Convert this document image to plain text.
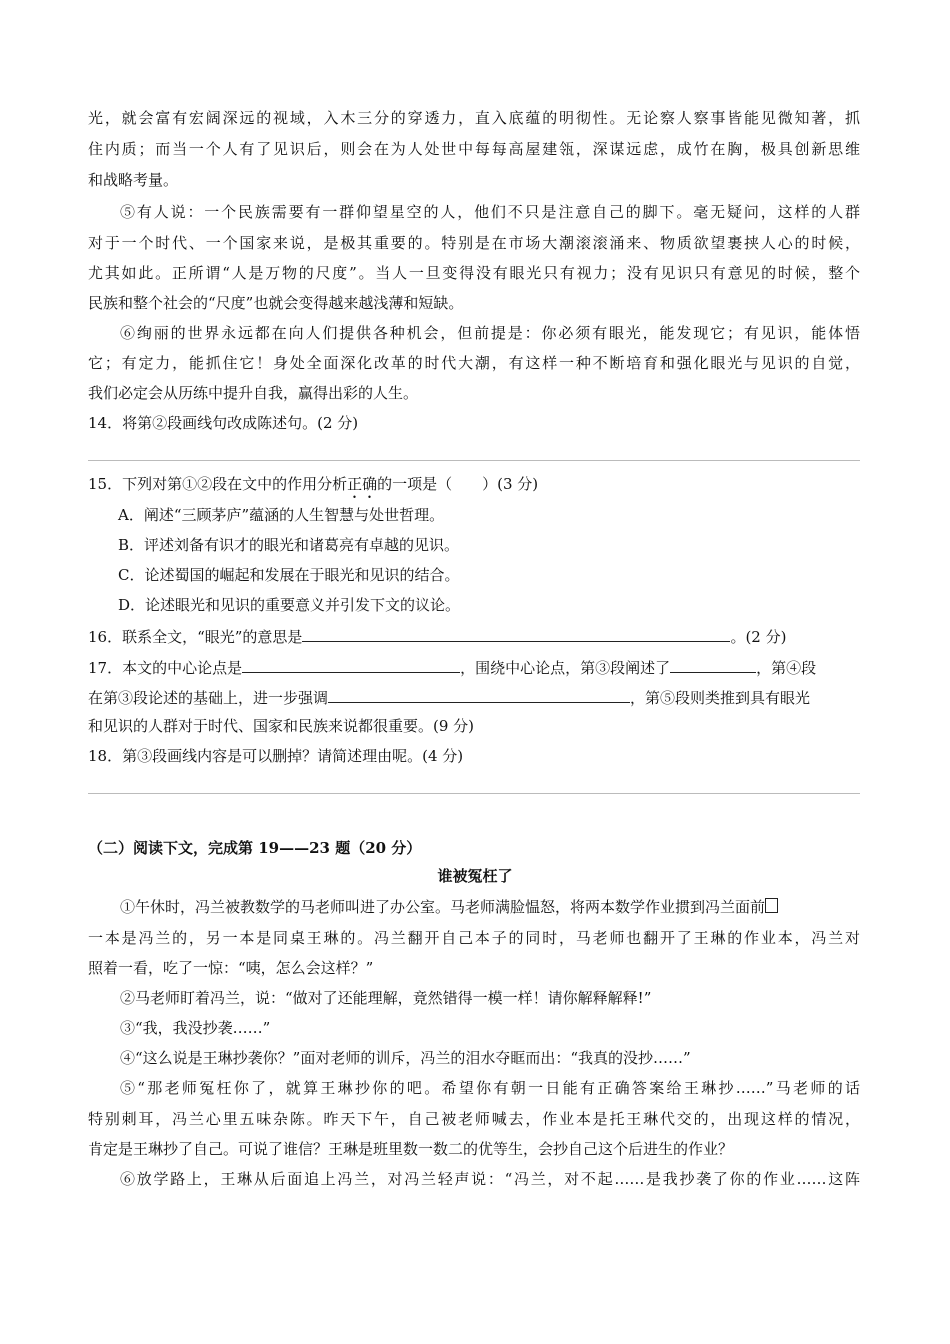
光，就会富有宏阔深远的视域，入木三分的穿透力，直入底蕴的明彻性。无论察人察事皆能见微知著，抓
住内质；而当一个人有了见识后，则会在为人处世中每每高屋建瓴，深谋远虑，成竹在胸，极具创新思维
和战略考量。
⑤有人说：一个民族需要有一群仰望星空的人，他们不只是注意自己的脚下。毫无疑问，这样的人群
对于一个时代、一个国家来说，是极其重要的。特别是在市场大潮滚滚涌来、物质欲望裹挟人心的时候，
尤其如此。正所谓“人是万物的尺度”。当人一旦变得没有眼光只有视力；没有见识只有意见的时候，整个
民族和整个社会的“尺度”也就会变得越来越浅薄和短缺。
⑥绚丽的世界永远都在向人们提供各种机会，但前提是：你必须有眼光，能发现它；有见识，能体悟
它；有定力，能抓住它！身处全面深化改革的时代大潮，有这样一种不断培育和强化眼光与见识的自觉，
我们必定会从历练中提升自我，赢得出彩的人生。
14．将第②段画线句改成陈述句。(2 分)
15．下列对第①②段在文中的作用分析正确的一项是（　　）(3 分)
A．阐述“三顾茅庐”蕴涵的人生智慧与处世哲理。
B．评述刘备有识才的眼光和诸葛亮有卓越的见识。
C．论述蜀国的崛起和发展在于眼光和见识的结合。
D．论述眼光和见识的重要意义并引发下文的议论。
16．联系全文，“眼光”的意思是	。(2 分)
17．本文的中心论点是	，围绕中心论点，第③段阐述了	，第④段
在第③段论述的基础上，进一步强调	，第⑤段则类推到具有眼光
和见识的人群对于时代、国家和民族来说都很重要。(9 分)
18．第③段画线内容是可以删掉？请简述理由呢。(4 分)
（二）阅读下文，完成第 19——23 题（20 分）
谁被冤枉了
①午休时，冯兰被教数学的马老师叫进了办公室。马老师满脸愠怒，将两本数学作业掼到冯兰面前
一本是冯兰的，另一本是同桌王琳的。冯兰翻开自己本子的同时，马老师也翻开了王琳的作业本，冯兰对
照着一看，吃了一惊：“咦，怎么会这样？”
②马老师盯着冯兰，说：“做对了还能理解，竟然错得一模一样！请你解释解释!”
③“我，我没抄袭……”
④“这么说是王琳抄袭你？”面对老师的训斥，冯兰的泪水夺眶而出：“我真的没抄……”
⑤“那老师冤枉你了，就算王琳抄你的吧。希望你有朝一日能有正确答案给王琳抄……”马老师的话
特别刺耳，冯兰心里五味杂陈。昨天下午，自己被老师喊去，作业本是托王琳代交的，出现这样的情况，
肯定是王琳抄了自己。可说了谁信？王琳是班里数一数二的优等生，会抄自己这个后进生的作业？
⑥放学路上，王琳从后面追上冯兰，对冯兰轻声说：“冯兰，对不起……是我抄袭了你的作业……这阵
